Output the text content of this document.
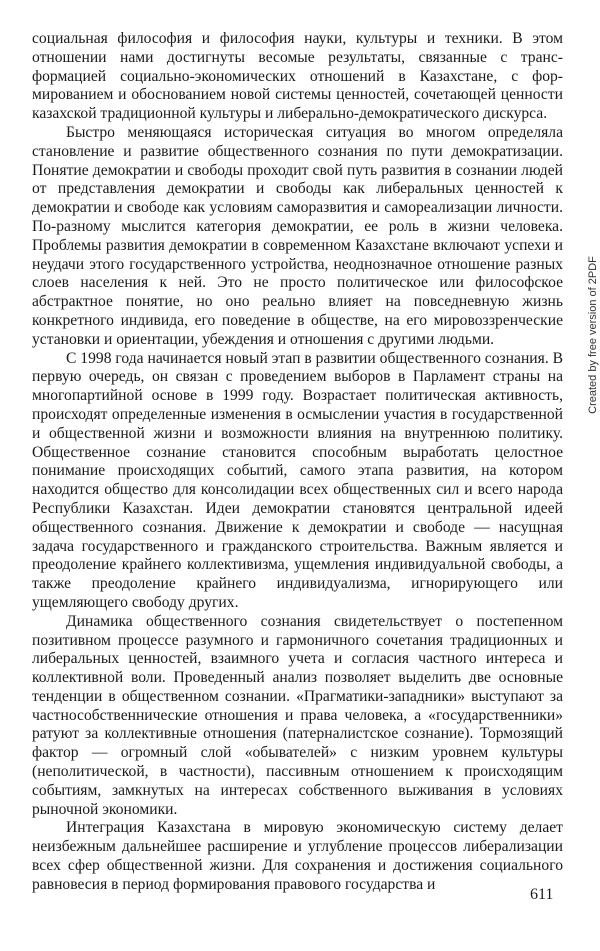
социальная философия и философия науки, культуры и техники. В этом отношении нами достигнуты весомые результаты, связанные с трансформацией социально-экономических отношений в Казахстане, с формированием и обоснованием новой системы ценностей, сочетающей ценности казахской традиционной культуры и либерально-демократического дискурса.

Быстро меняющаяся историческая ситуация во многом определяла становление и развитие общественного сознания по пути демократизации. Понятие демократии и свободы проходит свой путь развития в сознании людей от представления демократии и свободы как либеральных ценностей к демократии и свободе как условиям саморазвития и самореализации личности. По-разному мыслится категория демократии, ее роль в жизни человека. Проблемы развития демократии в современном Казахстане включают успехи и неудачи этого государственного устройства, неоднозначное отношение разных слоев населения к ней. Это не просто политическое или философское абстрактное понятие, но оно реально влияет на повседневную жизнь конкретного индивида, его поведение в обществе, на его мировоззренческие установки и ориентации, убеждения и отношения с другими людьми.

С 1998 года начинается новый этап в развитии общественного сознания. В первую очередь, он связан с проведением выборов в Парламент страны на многопартийной основе в 1999 году. Возрастает политическая активность, происходят определенные изменения в осмыслении участия в государственной и общественной жизни и возможности влияния на внутреннюю политику. Общественное сознание становится способным выработать целостное понимание происходящих событий, самого этапа развития, на котором находится общество для консолидации всех общественных сил и всего народа Республики Казахстан. Идеи демократии становятся центральной идеей общественного сознания. Движение к демократии и свободе — насущная задача государственного и гражданского строительства. Важным является и преодоление крайнего коллективизма, ущемления индивидуальной свободы, а также преодоление крайнего индивидуализма, игнорирующего или ущемляющего свободу других.

Динамика общественного сознания свидетельствует о постепенном позитивном процессе разумного и гармоничного сочетания традиционных и либеральных ценностей, взаимного учета и согласия частного интереса и коллективной воли. Проведенный анализ позволяет выделить две основные тенденции в общественном сознании. «Прагматики-западники» выступают за частнособственнические отношения и права человека, а «государственники» ратуют за коллективные отношения (патерналистское сознание). Тормозящий фактор — огромный слой «обывателей» с низким уровнем культуры (неполитической, в частности), пассивным отношением к происходящим событиям, замкнутых на интересах собственного выживания в условиях рыночной экономики.

Интеграция Казахстана в мировую экономическую систему делает неизбежным дальнейшее расширение и углубление процессов либерализации всех сфер общественной жизни. Для сохранения и достижения социального равновесия в период формирования правового государства и

611
Created by free version of 2PDF
